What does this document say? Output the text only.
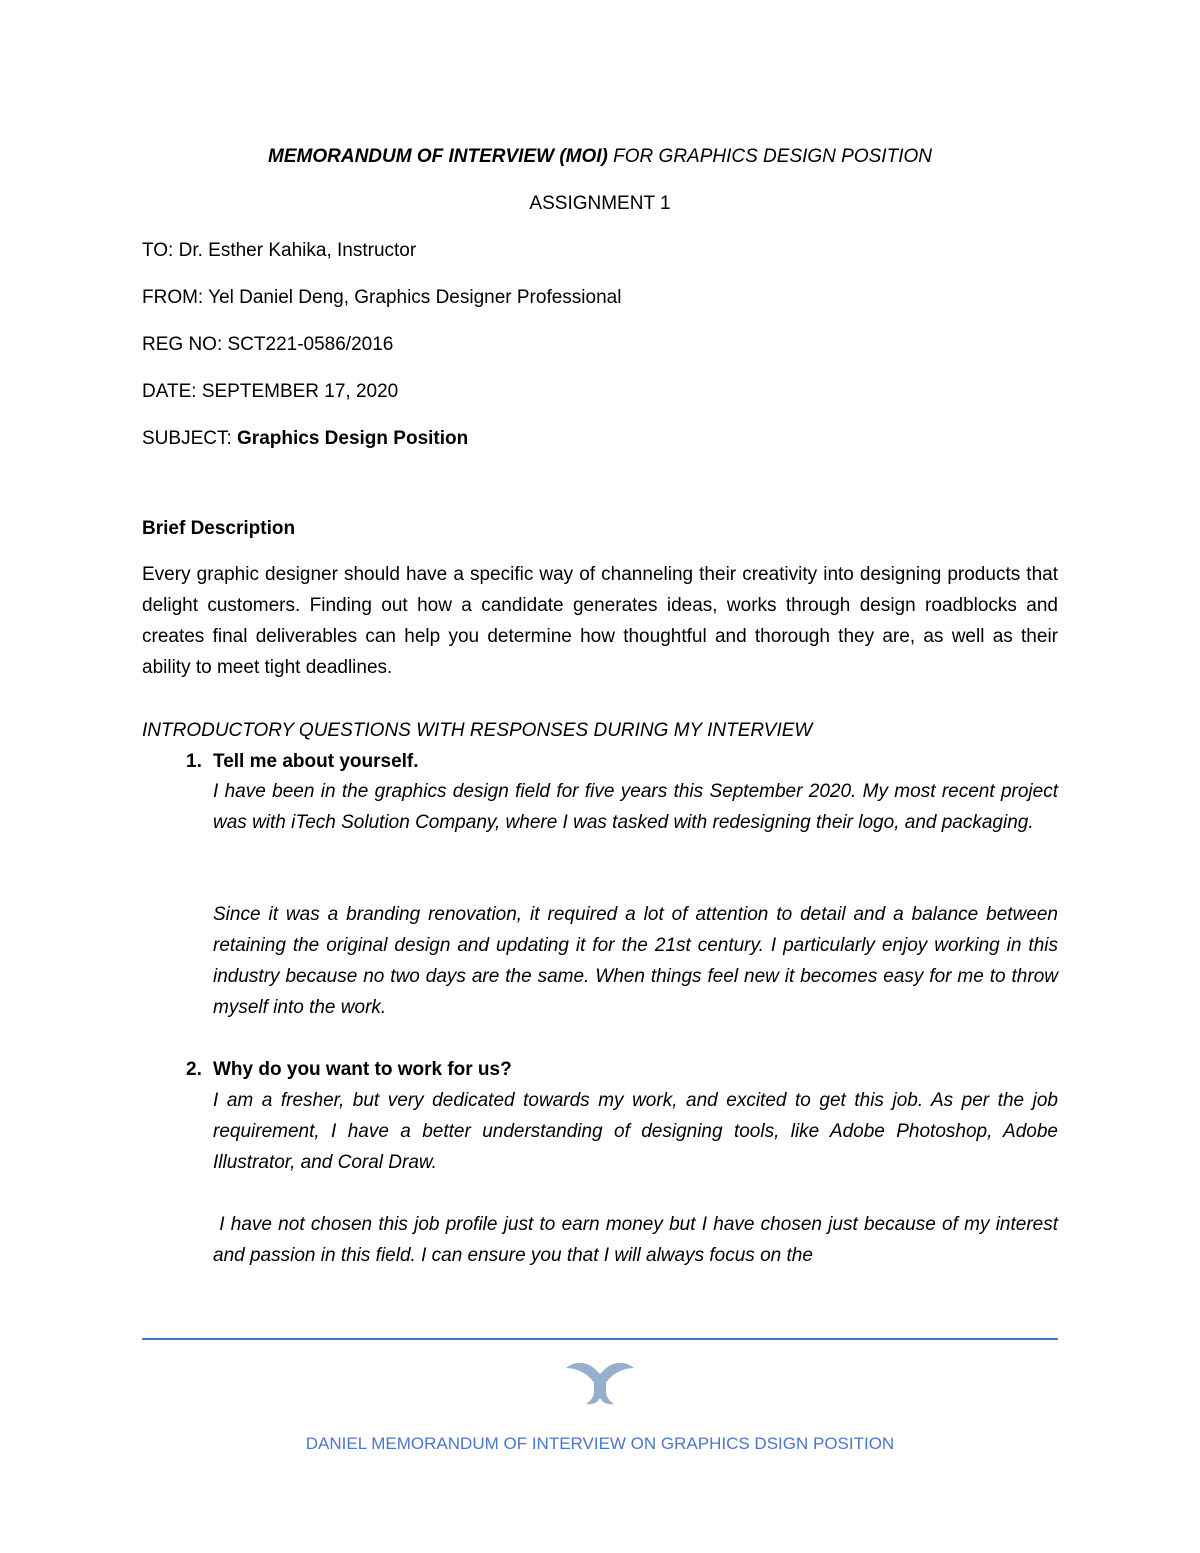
MEMORANDUM OF INTERVIEW (MOI) FOR GRAPHICS DESIGN POSITION
ASSIGNMENT 1
TO: Dr. Esther Kahika, Instructor
FROM: Yel Daniel Deng, Graphics Designer Professional
REG NO: SCT221-0586/2016
DATE: SEPTEMBER 17, 2020
SUBJECT: Graphics Design Position
Brief Description
Every graphic designer should have a specific way of channeling their creativity into designing products that delight customers. Finding out how a candidate generates ideas, works through design roadblocks and creates final deliverables can help you determine how thoughtful and thorough they are, as well as their ability to meet tight deadlines.
INTRODUCTORY QUESTIONS WITH RESPONSES DURING MY INTERVIEW
1. Tell me about yourself.
I have been in the graphics design field for five years this September 2020. My most recent project was with iTech Solution Company, where I was tasked with redesigning their logo, and packaging.
Since it was a branding renovation, it required a lot of attention to detail and a balance between retaining the original design and updating it for the 21st century. I particularly enjoy working in this industry because no two days are the same. When things feel new it becomes easy for me to throw myself into the work.
2. Why do you want to work for us?
I am a fresher, but very dedicated towards my work, and excited to get this job. As per the job requirement, I have a better understanding of designing tools, like Adobe Photoshop, Adobe Illustrator, and Coral Draw.
I have not chosen this job profile just to earn money but I have chosen just because of my interest and passion in this field. I can ensure you that I will always focus on the
DANIEL MEMORANDUM OF INTERVIEW ON GRAPHICS DSIGN POSITION
